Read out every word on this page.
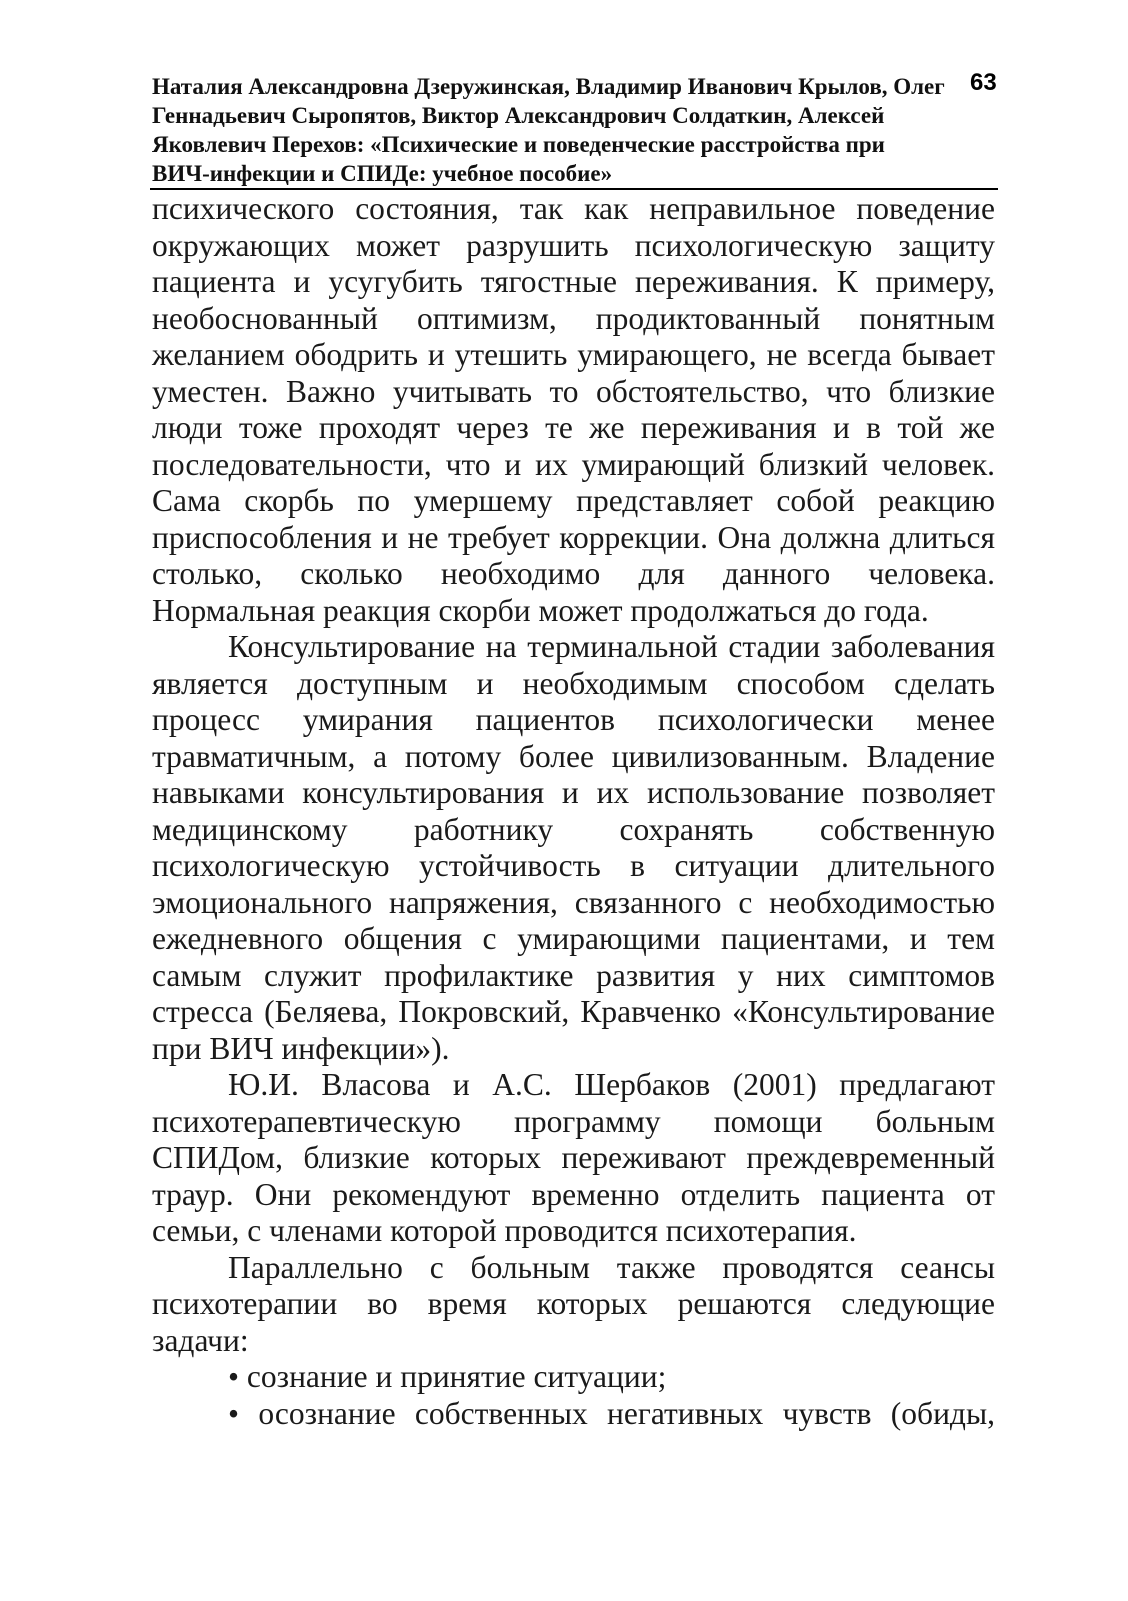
Наталия Александровна Дзеружинская, Владимир Иванович Крылов, Олег
Геннадьевич Сыропятов, Виктор Александрович Солдаткин, Алексей
Яковлевич Перехов: «Психические и поведенческие расстройства при
ВИЧ-инфекции и СПИДе: учебное пособие»
63
психического состояния, так как неправильное поведение
окружающих может разрушить психологическую защиту
пациента и усугубить тягостные переживания. К примеру,
необоснованный оптимизм, продиктованный понятным
желанием ободрить и утешить умирающего, не всегда бывает
уместен. Важно учитывать то обстоятельство, что близкие
люди тоже проходят через те же переживания и в той же
последовательности, что и их умирающий близкий человек.
Сама скорбь по умершему представляет собой реакцию
приспособления и не требует коррекции. Она должна длиться
столько, сколько необходимо для данного человека.
Нормальная реакция скорби может продолжаться до года.
Консультирование на терминальной стадии заболевания
является доступным и необходимым способом сделать
процесс умирания пациентов психологически менее
травматичным, а потому более цивилизованным. Владение
навыками консультирования и их использование позволяет
медицинскому работнику сохранять собственную
психологическую устойчивость в ситуации длительного
эмоционального напряжения, связанного с необходимостью
ежедневного общения с умирающими пациентами, и тем
самым служит профилактике развития у них симптомов
стресса (Беляева, Покровский, Кравченко «Консультирование
при ВИЧ инфекции»).
Ю.И. Власова и А.С. Шербаков (2001) предлагают
психотерапевтическую программу помощи больным
СПИДом, близкие которых переживают преждевременный
траур. Они рекомендуют временно отделить пациента от
семьи, с членами которой проводится психотерапия.
Параллельно с больным также проводятся сеансы
психотерапии во время которых решаются следующие
задачи:
• сознание и принятие ситуации;
• осознание собственных негативных чувств (обиды,
